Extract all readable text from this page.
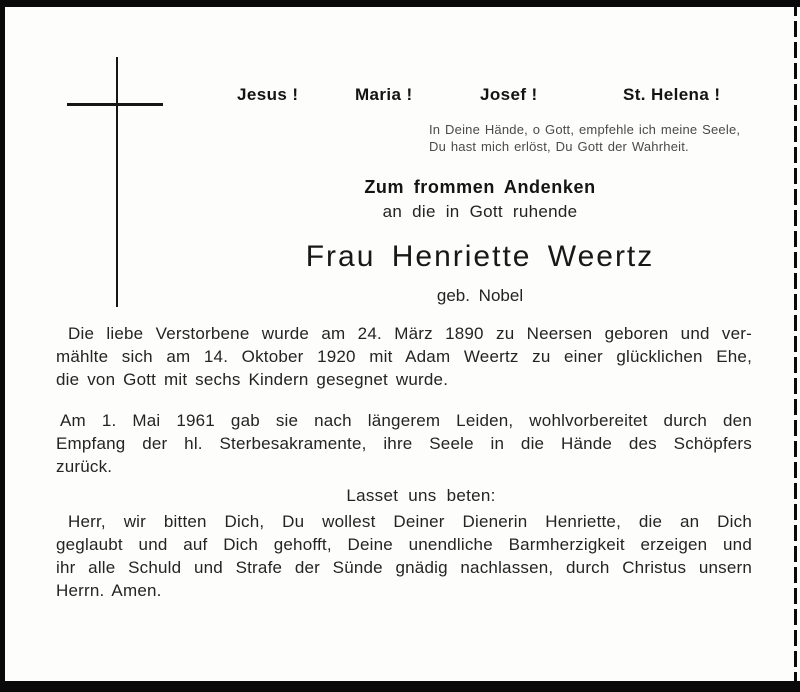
Jesus !	Maria !	Josef !	St. Helena !
In Deine Hände, o Gott, empfehle ich meine Seele,
Du hast mich erlöst, Du Gott der Wahrheit.
Zum frommen Andenken
an die in Gott ruhende
Frau Henriette Weertz
geb. Nobel
Die liebe Verstorbene wurde am 24. März 1890 zu Neersen geboren und ver-
mählte sich am 14. Oktober 1920 mit Adam Weertz zu einer glücklichen Ehe,
die von Gott mit sechs Kindern gesegnet wurde.
Am 1. Mai 1961 gab sie nach längerem Leiden, wohlvorbereitet durch den
Empfang der hl. Sterbesakramente, ihre Seele in die Hände des Schöpfers
zurück.
Lasset uns beten:
Herr, wir bitten Dich, Du wollest Deiner Dienerin Henriette, die an Dich
geglaubt und auf Dich gehofft, Deine unendliche Barmherzigkeit erzeigen und
ihr alle Schuld und Strafe der Sünde gnädig nachlassen, durch Christus unsern
Herrn. Amen.
